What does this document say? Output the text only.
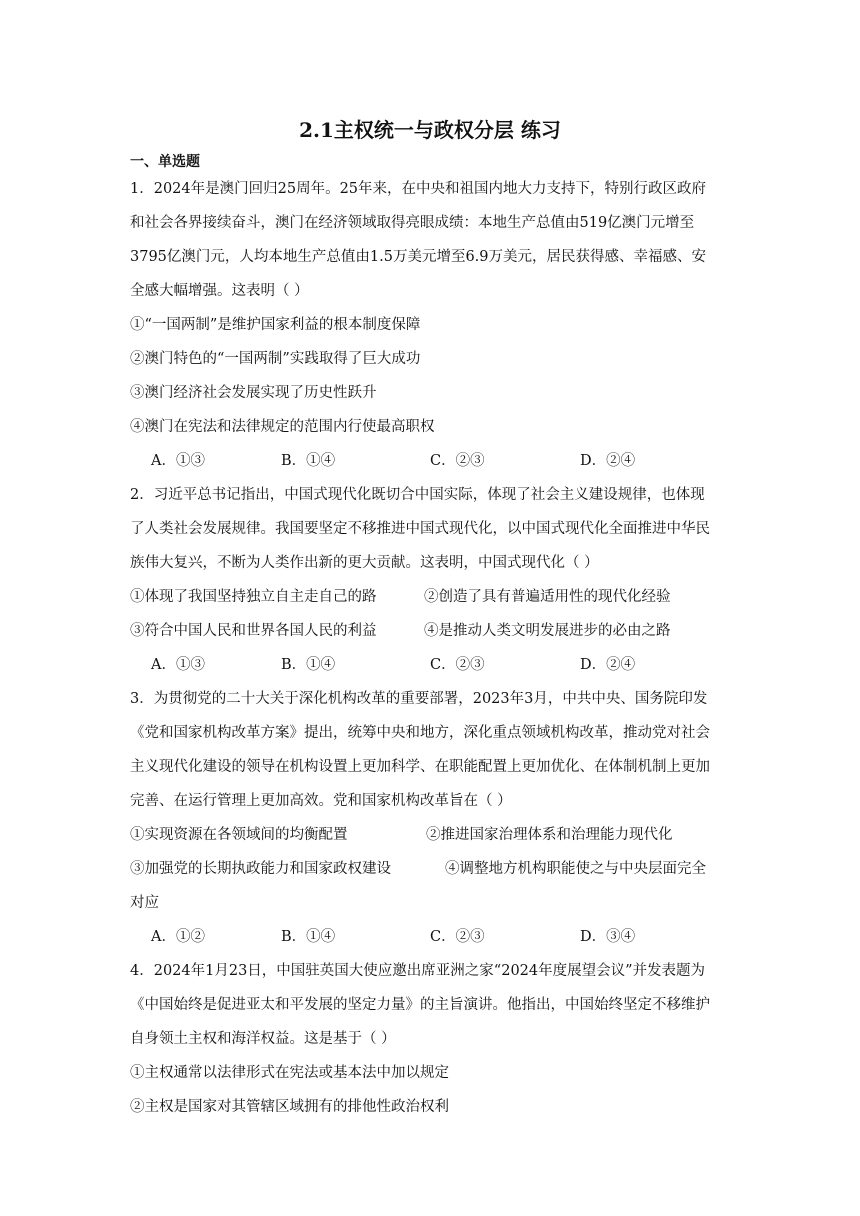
2.1主权统一与政权分层 练习
一、单选题
1．2024年是澳门回归25周年。25年来，在中央和祖国内地大力支持下，特别行政区政府
和社会各界接续奋斗，澳门在经济领域取得亮眼成绩：本地生产总值由519亿澳门元增至
3795亿澳门元，人均本地生产总值由1.5万美元增至6.9万美元，居民获得感、幸福感、安
全感大幅增强。这表明（ ）
①“一国两制”是维护国家利益的根本制度保障
②澳门特色的“一国两制”实践取得了巨大成功
③澳门经济社会发展实现了历史性跃升
④澳门在宪法和法律规定的范围内行使最高职权
A．①③	B．①④	C．②③	D．②④
2．习近平总书记指出，中国式现代化既切合中国实际，体现了社会主义建设规律，也体现
了人类社会发展规律。我国要坚定不移推进中国式现代化，以中国式现代化全面推进中华民
族伟大复兴，不断为人类作出新的更大贡献。这表明，中国式现代化（ ）
①体现了我国坚持独立自主走自己的路	②创造了具有普遍适用性的现代化经验
③符合中国人民和世界各国人民的利益	④是推动人类文明发展进步的必由之路
A．①③	B．①④	C．②③	D．②④
3．为贯彻党的二十大关于深化机构改革的重要部署，2023年3月，中共中央、国务院印发
《党和国家机构改革方案》提出，统筹中央和地方，深化重点领域机构改革，推动党对社会
主义现代化建设的领导在机构设置上更加科学、在职能配置上更加优化、在体制机制上更加
完善、在运行管理上更加高效。党和国家机构改革旨在（ ）
①实现资源在各领域间的均衡配置	②推进国家治理体系和治理能力现代化
③加强党的长期执政能力和国家政权建设	④调整地方机构职能使之与中央层面完全
对应
A．①②	B．①④	C．②③	D．③④
4．2024年1月23日，中国驻英国大使应邀出席亚洲之家“2024年度展望会议”并发表题为
《中国始终是促进亚太和平发展的坚定力量》的主旨演讲。他指出，中国始终坚定不移维护
自身领土主权和海洋权益。这是基于（ ）
①主权通常以法律形式在宪法或基本法中加以规定
②主权是国家对其管辖区域拥有的排他性政治权利
